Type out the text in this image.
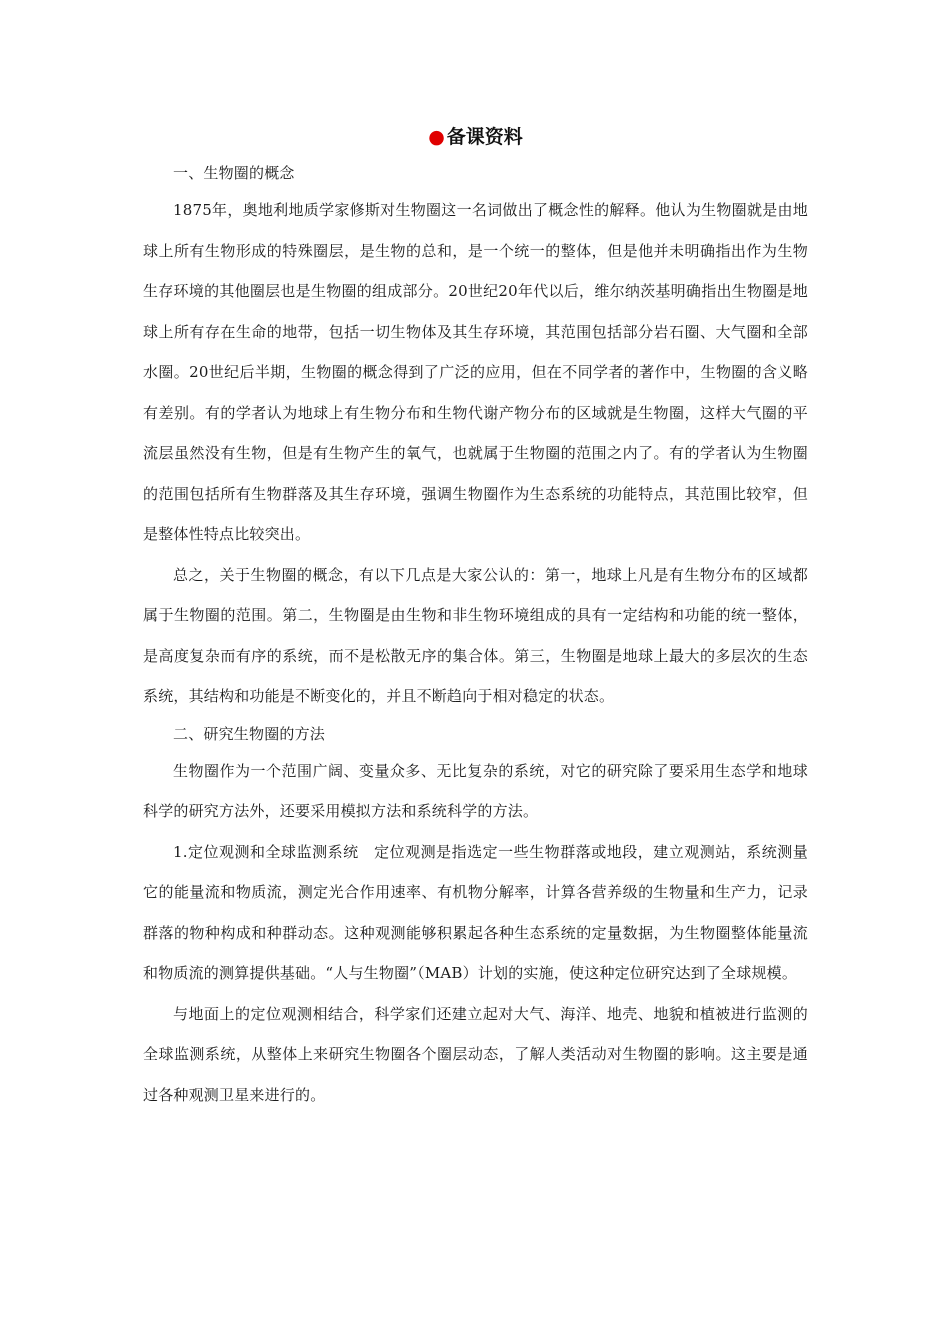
● 备课资料

一、生物圈的概念

1875年，奥地利地质学家修斯对生物圈这一名词做出了概念性的解释。他认为生物圈就是由地球上所有生物形成的特殊圈层，是生物的总和，是一个统一的整体，但是他并未明确指出作为生物生存环境的其他圈层也是生物圈的组成部分。20世纪20年代以后，维尔纳茨基明确指出生物圈是地球上所有存在生命的地带，包括一切生物体及其生存环境，其范围包括部分岩石圈、大气圈和全部水圈。20世纪后半期，生物圈的概念得到了广泛的应用，但在不同学者的著作中，生物圈的含义略有差别。有的学者认为地球上有生物分布和生物代谢产物分布的区域就是生物圈，这样大气圈的平流层虽然没有生物，但是有生物产生的氧气，也就属于生物圈的范围之内了。有的学者认为生物圈的范围包括所有生物群落及其生存环境，强调生物圈作为生态系统的功能特点，其范围比较窄，但是整体性特点比较突出。

总之，关于生物圈的概念，有以下几点是大家公认的：第一，地球上凡是有生物分布的区域都属于生物圈的范围。第二，生物圈是由生物和非生物环境组成的具有一定结构和功能的统一整体，是高度复杂而有序的系统，而不是松散无序的集合体。第三，生物圈是地球上最大的多层次的生态系统，其结构和功能是不断变化的，并且不断趋向于相对稳定的状态。

二、研究生物圈的方法

生物圈作为一个范围广阔、变量众多、无比复杂的系统，对它的研究除了要采用生态学和地球科学的研究方法外，还要采用模拟方法和系统科学的方法。

1.定位观测和全球监测系统　定位观测是指选定一些生物群落或地段，建立观测站，系统测量它的能量流和物质流，测定光合作用速率、有机物分解率，计算各营养级的生物量和生产力，记录群落的物种构成和种群动态。这种观测能够积累起各种生态系统的定量数据，为生物圈整体能量流和物质流的测算提供基础。“人与生物圈”（MAB）计划的实施，使这种定位研究达到了全球规模。

与地面上的定位观测相结合，科学家们还建立起对大气、海洋、地壳、地貌和植被进行监测的全球监测系统，从整体上来研究生物圈各个圈层动态，了解人类活动对生物圈的影响。这主要是通过各种观测卫星来进行的。
